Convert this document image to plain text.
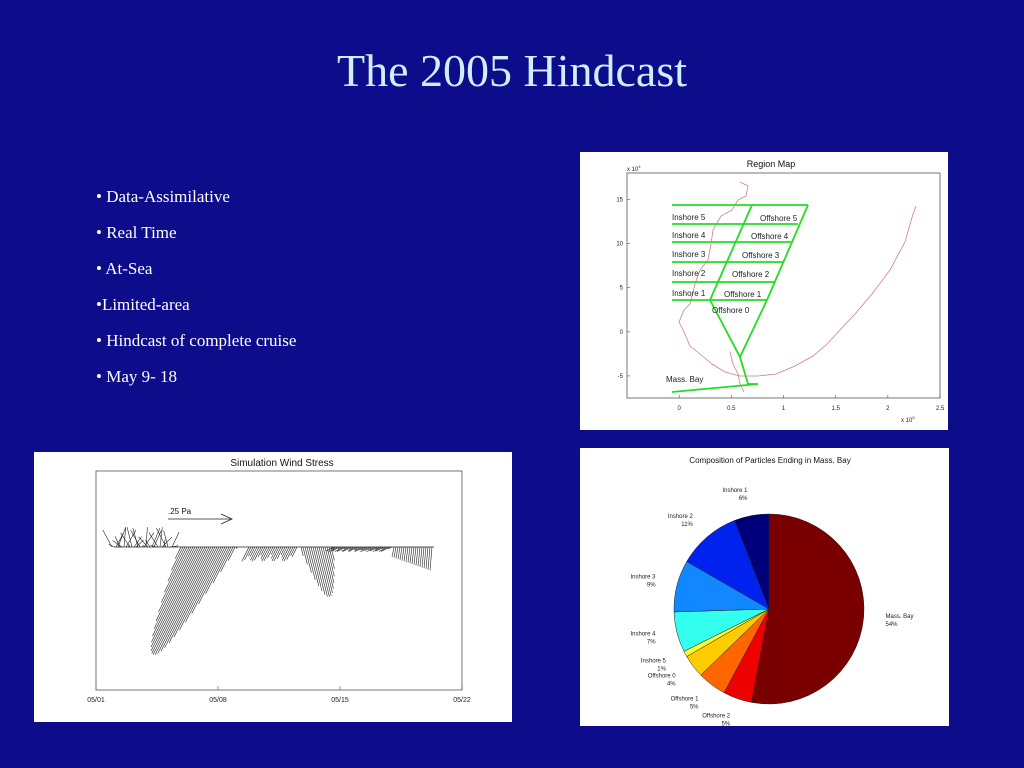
The 2005 Hindcast
• Data-Assimilative
• Real Time
• At-Sea
•Limited-area
• Hindcast of complete cruise
• May 9- 18
Region Map
x $10^4$
x $10^5$
0	0.5	1	1.5	2	2.5
15
10
5
0
-5
Inshore 5
Inshore 4
Inshore 3
Inshore 2
Inshore 1
Offshore 5
Offshore 4
Offshore 3
Offshore 2
Offshore 1
Offshore 0
Mass. Bay
Simulation Wind Stress
05/01	05/08	05/15	05/22
.25 Pa
Composition of Particles Ending in Mass. Bay
Mass. Bay
54%
Offshore 2
5%
Offshore 1
5%
Offshore 0
4%
Inshore 5
1%
Inshore 4
7%
Inshore 3
9%
Inshore 2
11%
Inshore 1
6%
